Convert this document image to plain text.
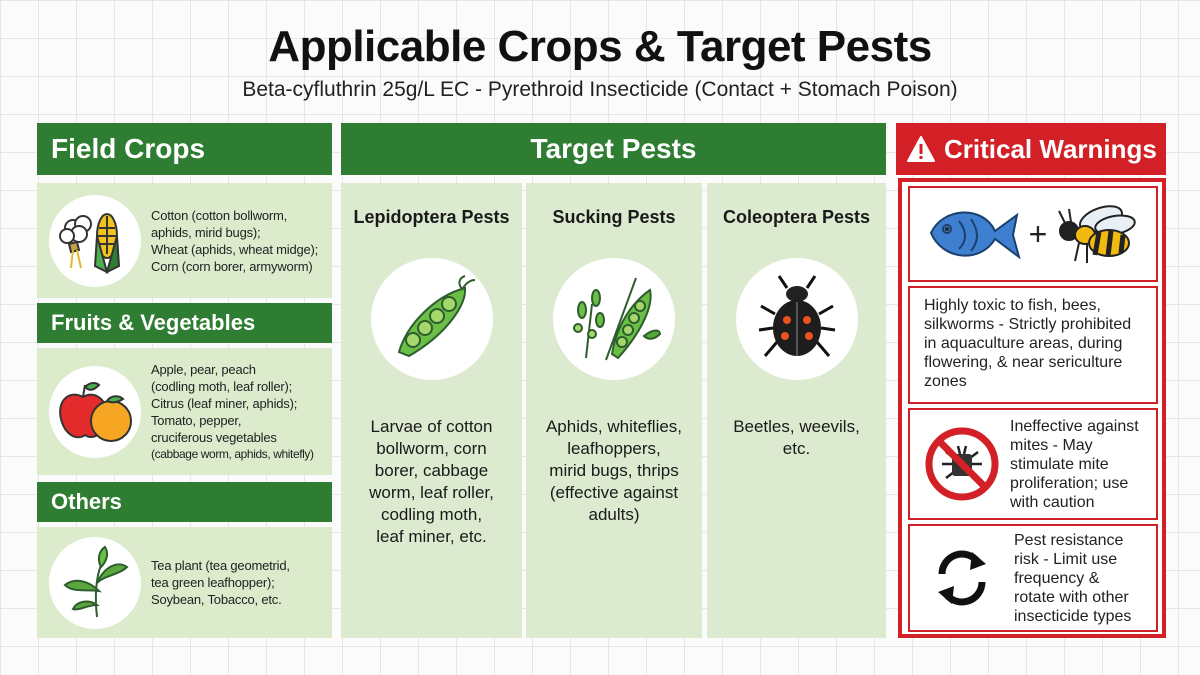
Applicable Crops & Target Pests
Beta-cyfluthrin 25g/L EC - Pyrethroid Insecticide (Contact + Stomach Poison)
Field Crops
Cotton (cotton bollworm,
aphids, mirid bugs);
Wheat (aphids, wheat midge);
Corn (corn borer, armyworm)
Fruits & Vegetables
Apple, pear, peach
(codling moth, leaf roller);
Citrus (leaf miner, aphids);
Tomato, pepper,
cruciferous vegetables
(cabbage worm, aphids, whitefly)
Others
Tea plant (tea geometrid,
tea green leafhopper);
Soybean, Tobacco, etc.
Target Pests
Lepidoptera Pests
Larvae of cotton
bollworm, corn
borer, cabbage
worm, leaf roller,
codling moth,
leaf miner, etc.
Sucking Pests
Aphids, whiteflies,
leafhoppers,
mirid bugs, thrips
(effective against
adults)
Coleoptera Pests
Beetles, weevils,
etc.
Critical Warnings
+
Highly toxic to fish, bees,
silkworms - Strictly prohibited
in aquaculture areas, during
flowering, & near sericulture
zones
Ineffective against
mites - May
stimulate mite
proliferation; use
with caution
Pest resistance
risk - Limit use
frequency &
rotate with other
insecticide types
